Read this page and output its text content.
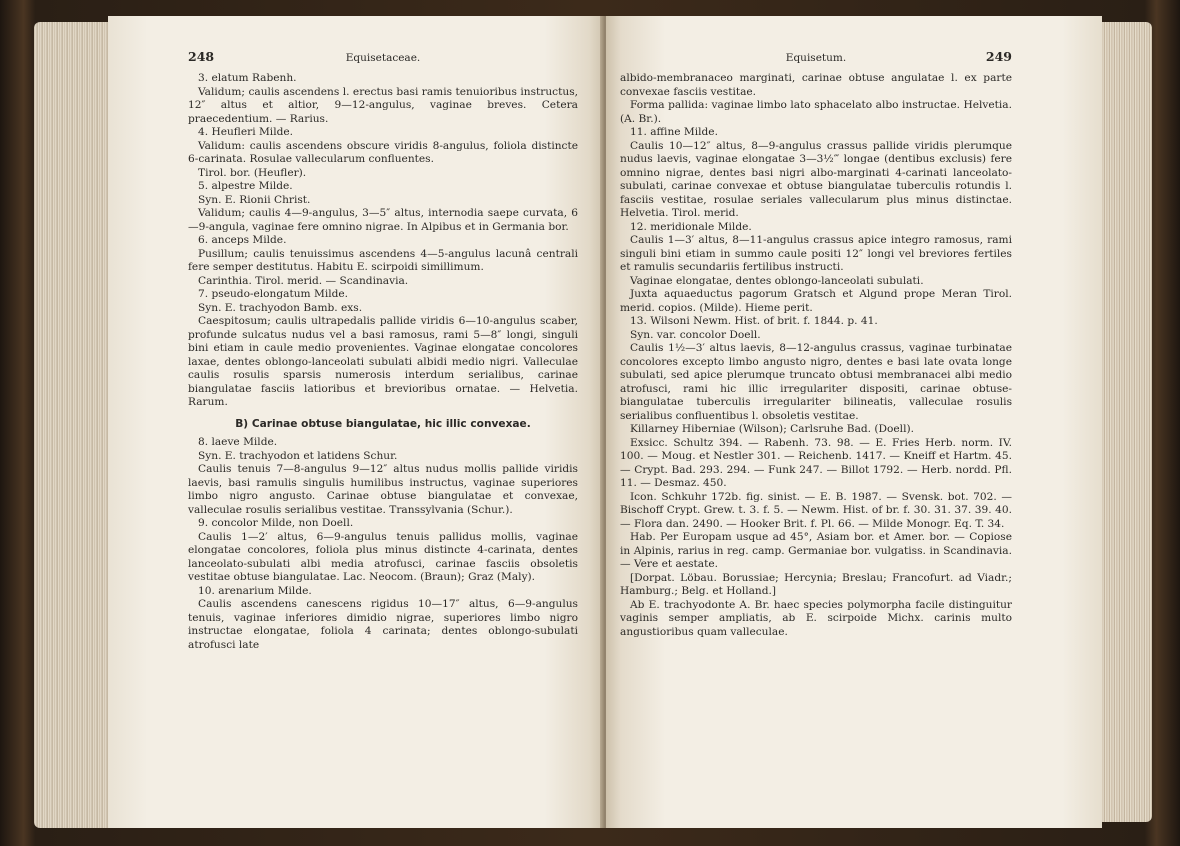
248	Equisetaceae.

3. elatum Rabenh.

Validum; caulis ascendens l. erectus basi ramis tenuioribus instructus, 12″ altus et altior, 9—12-angulus, vaginae breves. Cetera praecedentium. — Rarius.

4. Heufleri Milde.

Validum: caulis ascendens obscure viridis 8-angulus, foliola distincte 6-carinata. Rosulae vallecularum confluentes.

Tirol. bor. (Heufler).

5. alpestre Milde.

Syn. E. Rionii Christ.

Validum; caulis 4—9-angulus, 3—5″ altus, internodia saepe curvata, 6—9-angula, vaginae fere omnino nigrae. In Alpibus et in Germania bor.

6. anceps Milde.

Pusillum; caulis tenuissimus ascendens 4—5-angulus lacunâ centrali fere semper destitutus. Habitu E. scirpoidi simillimum.

Carinthia. Tirol. merid. — Scandinavia.

7. pseudo-elongatum Milde.

Syn. E. trachyodon Bamb. exs.

Caespitosum; caulis ultrapedalis pallide viridis 6—10-angulus scaber, profunde sulcatus nudus vel a basi ramosus, rami 5—8″ longi, singuli bini etiam in caule medio provenientes. Vaginae elongatae concolores laxae, dentes oblongo-lanceolati subulati albidi medio nigri. Valleculae caulis rosulis sparsis numerosis interdum serialibus, carinae biangulatae fasciis latioribus et brevioribus ornatae. — Helvetia. Rarum.

B) Carinae obtuse biangulatae, hic illic convexae.

8. laeve Milde.

Syn. E. trachyodon et latidens Schur.

Caulis tenuis 7—8-angulus 9—12″ altus nudus mollis pallide viridis laevis, basi ramulis singulis humilibus instructus, vaginae superiores limbo nigro angusto. Carinae obtuse biangulatae et convexae, valleculae rosulis serialibus vestitae. Transsylvania (Schur.).

9. concolor Milde, non Doell.

Caulis 1—2′ altus, 6—9-angulus tenuis pallidus mollis, vaginae elongatae concolores, foliola plus minus distincte 4-carinata, dentes lanceolato-subulati albi media atrofusci, carinae fasciis obsoletis vestitae obtuse biangulatae. Lac. Neocom. (Braun); Graz (Maly).

10. arenarium Milde.

Caulis ascendens canescens rigidus 10—17″ altus, 6—9-angulus tenuis, vaginae inferiores dimidio nigrae, superiores limbo nigro instructae elongatae, foliola 4 carinata; dentes oblongo-subulati atrofusci late

Equisetum.	249

albido-membranaceo marginati, carinae obtuse angulatae l. ex parte convexae fasciis vestitae.

Forma pallida: vaginae limbo lato sphacelato albo instructae. Helvetia. (A. Br.).

11. affine Milde.

Caulis 10—12″ altus, 8—9-angulus crassus pallide viridis plerumque nudus laevis, vaginae elongatae 3—3½‴ longae (dentibus exclusis) fere omnino nigrae, dentes basi nigri albo-marginati 4-carinati lanceolato-subulati, carinae convexae et obtuse biangulatae tuberculis rotundis l. fasciis vestitae, rosulae seriales vallecularum plus minus distinctae. Helvetia. Tirol. merid.

12. meridionale Milde.

Caulis 1—3′ altus, 8—11-angulus crassus apice integro ramosus, rami singuli bini etiam in summo caule positi 12″ longi vel breviores fertiles et ramulis secundariis fertilibus instructi.

Vaginae elongatae, dentes oblongo-lanceolati subulati.

Juxta aquaeductus pagorum Gratsch et Algund prope Meran Tirol. merid. copios. (Milde). Hieme perit.

13. Wilsoni Newm. Hist. of brit. f. 1844. p. 41.

Syn. var. concolor Doell.

Caulis 1½—3′ altus laevis, 8—12-angulus crassus, vaginae turbinatae concolores excepto limbo angusto nigro, dentes e basi late ovata longe subulati, sed apice plerumque truncato obtusi membranacei albi medio atrofusci, rami hic illic irregulariter dispositi, carinae obtuse-biangulatae tuberculis irregulariter bilineatis, valleculae rosulis serialibus confluentibus l. obsoletis vestitae.

Killarney Hiberniae (Wilson); Carlsruhe Bad. (Doell).

Exsicc. Schultz 394. — Rabenh. 73. 98. — E. Fries Herb. norm. IV. 100. — Moug. et Nestler 301. — Reichenb. 1417. — Kneiff et Hartm. 45. — Crypt. Bad. 293. 294. — Funk 247. — Billot 1792. — Herb. nordd. Pfl. 11. — Desmaz. 450.

Icon. Schkuhr 172b. fig. sinist. — E. B. 1987. — Svensk. bot. 702. — Bischoff Crypt. Grew. t. 3. f. 5. — Newm. Hist. of br. f. 30. 31. 37. 39. 40. — Flora dan. 2490. — Hooker Brit. f. Pl. 66. — Milde Monogr. Eq. T. 34.

Hab. Per Europam usque ad 45°, Asiam bor. et Amer. bor. — Copiose in Alpinis, rarius in reg. camp. Germaniae bor. vulgatiss. in Scandinavia. — Vere et aestate.

[Dorpat. Löbau. Borussiae; Hercynia; Breslau; Francofurt. ad Viadr.; Hamburg.; Belg. et Holland.]

Ab E. trachyodonte A. Br. haec species polymorpha facile distinguitur vaginis semper ampliatis, ab E. scirpoide Michx. carinis multo angustioribus quam valleculae.
